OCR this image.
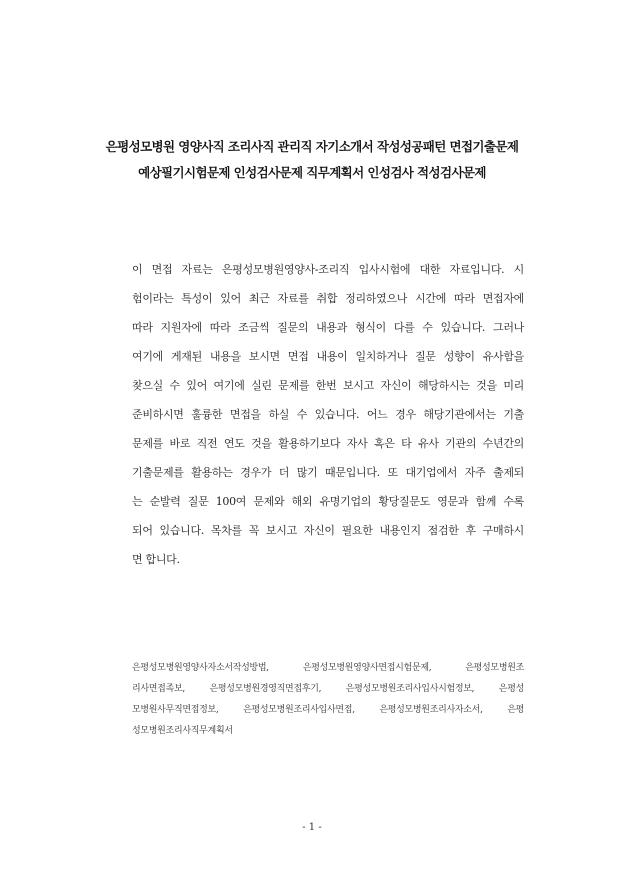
은평성모병원 영양사직 조리사직 관리직 자기소개서 작성성공패턴 면접기출문제
예상필기시험문제 인성검사문제 직무계획서 인성검사 적성검사문제
이 면접 자료는 은평성모병원영양사-조리직 입사시험에 대한 자료입니다. 시
험이라는 특성이 있어 최근 자료를 취합 정리하였으나 시간에 따라 면접자에
따라 지원자에 따라 조금씩 질문의 내용과 형식이 다를 수 있습니다. 그러나
여기에 게재된 내용을 보시면 면접 내용이 일치하거나 질문 성향이 유사함을
찾으실 수 있어 여기에 실린 문제를 한번 보시고 자신이 해당하시는 것을 미리
준비하시면 훌륭한 면접을 하실 수 있습니다. 어느 경우 해당기관에서는 기출
문제를 바로 직전 연도 것을 활용하기보다 자사 혹은 타 유사 기관의 수년간의
기출문제를 활용하는 경우가 더 많기 때문입니다. 또 대기업에서 자주 출제되
는 순발력 질문 100여 문제와 해외 유명기업의 황당질문도 영문과 함께 수록
되어 있습니다. 목차를 꼭 보시고 자신이 필요한 내용인지 점검한 후 구매하시
면 합니다.
은평성모병원영양사자소서작성방법, 은평성모병원영양사면접시험문제, 은평성모병원조
리사면접족보, 은평성모병원경영직면접후기, 은평성모병원조리사입사시험정보, 은평성
모병원사무직면접정보, 은평성모병원조리사입사면접, 은평성모병원조리사자소서, 은평
성모병원조리사직무계획서
- 1 -
